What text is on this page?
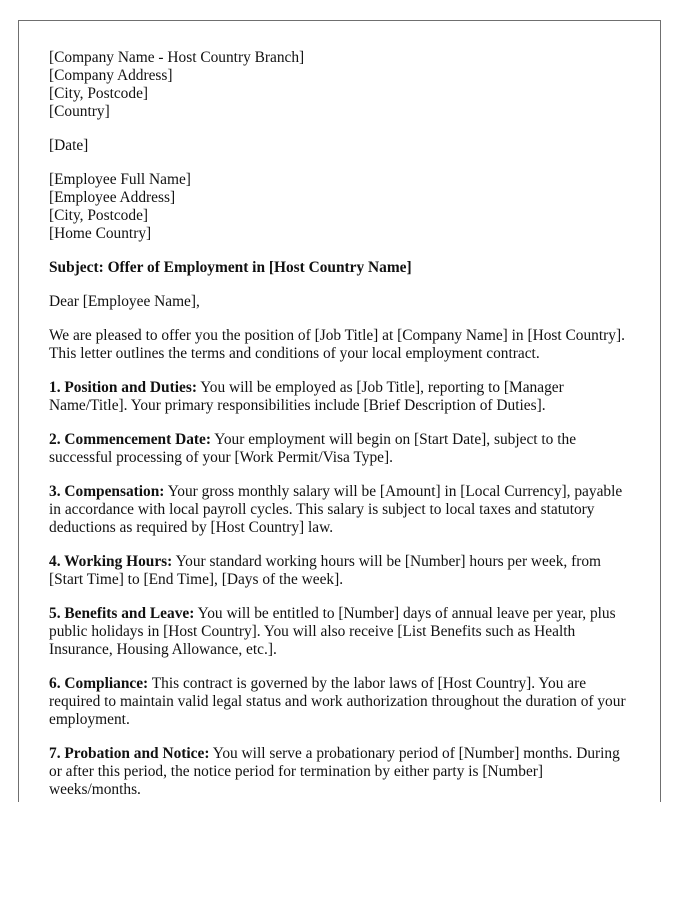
[Company Name - Host Country Branch]
[Company Address]
[City, Postcode]
[Country]

[Date]

[Employee Full Name]
[Employee Address]
[City, Postcode]
[Home Country]

Subject: Offer of Employment in [Host Country Name]

Dear [Employee Name],

We are pleased to offer you the position of [Job Title] at [Company Name] in [Host Country]. This letter outlines the terms and conditions of your local employment contract.

1. Position and Duties: You will be employed as [Job Title], reporting to [Manager Name/Title]. Your primary responsibilities include [Brief Description of Duties].

2. Commencement Date: Your employment will begin on [Start Date], subject to the successful processing of your [Work Permit/Visa Type].

3. Compensation: Your gross monthly salary will be [Amount] in [Local Currency], payable in accordance with local payroll cycles. This salary is subject to local taxes and statutory deductions as required by [Host Country] law.

4. Working Hours: Your standard working hours will be [Number] hours per week, from [Start Time] to [End Time], [Days of the week].

5. Benefits and Leave: You will be entitled to [Number] days of annual leave per year, plus public holidays in [Host Country]. You will also receive [List Benefits such as Health Insurance, Housing Allowance, etc.].

6. Compliance: This contract is governed by the labor laws of [Host Country]. You are required to maintain valid legal status and work authorization throughout the duration of your employment.

7. Probation and Notice: You will serve a probationary period of [Number] months. During or after this period, the notice period for termination by either party is [Number] weeks/months.
